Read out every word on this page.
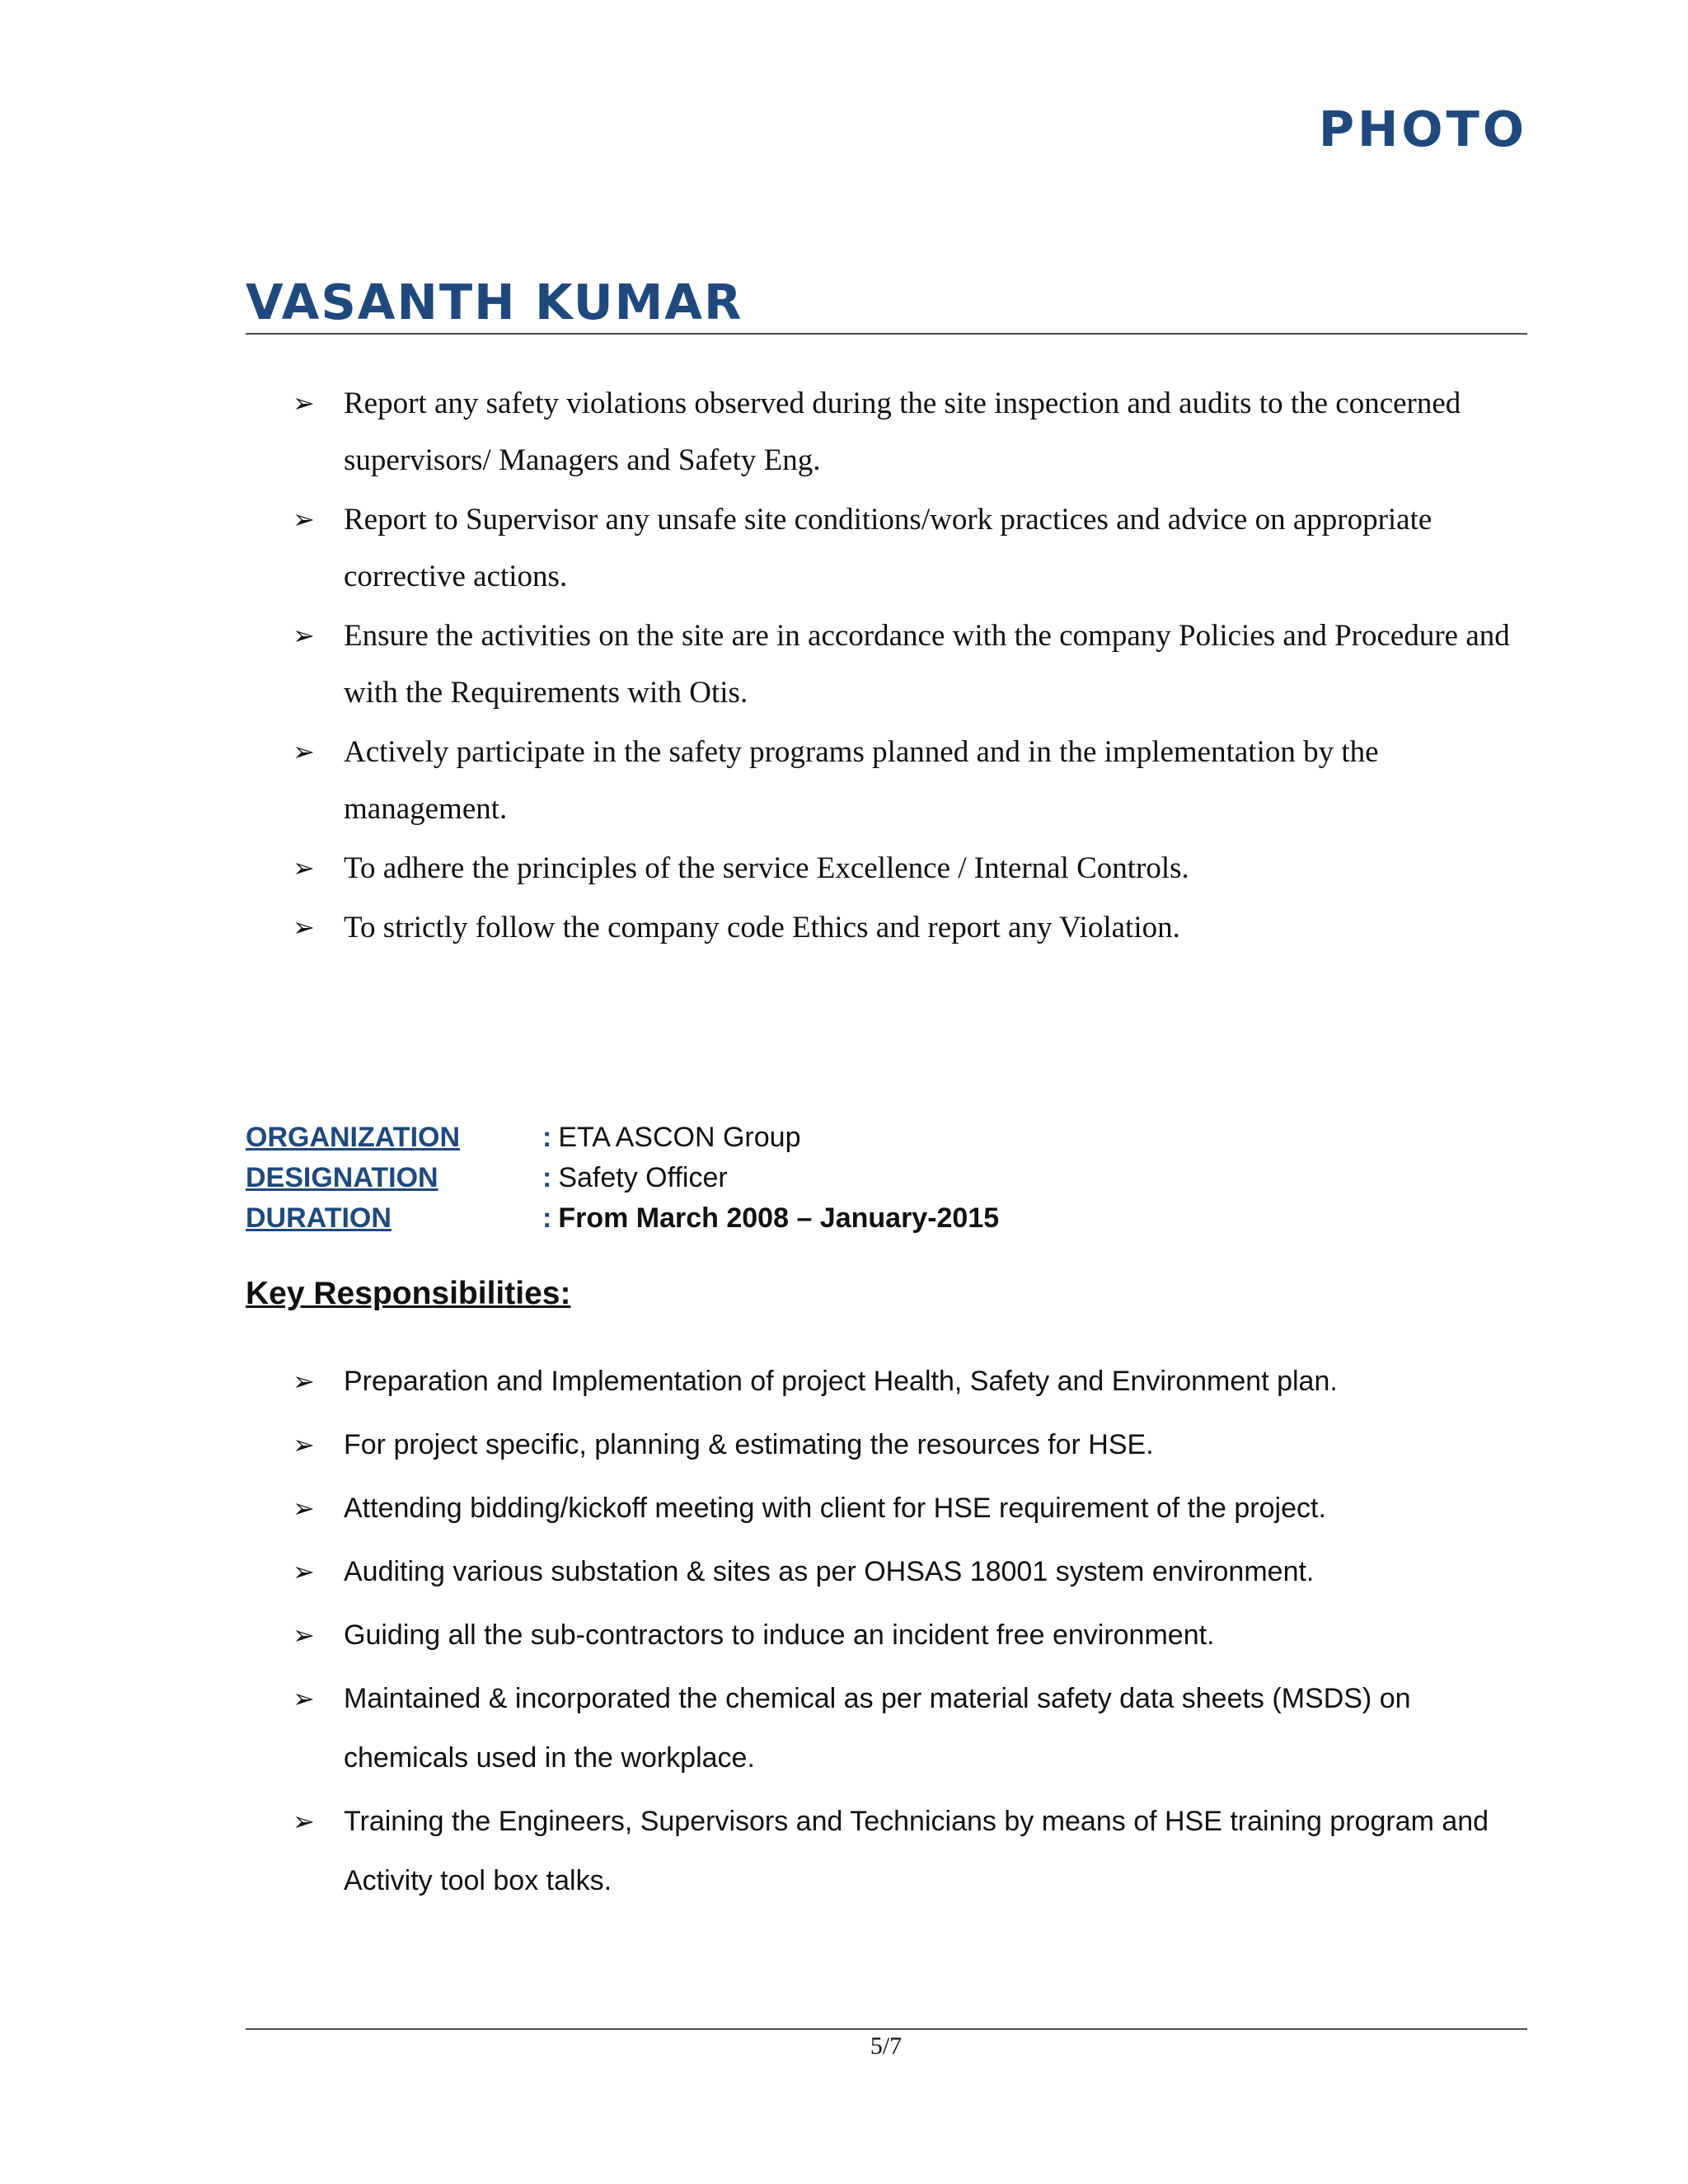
PHOTO
VASANTH KUMAR
➢ Report any safety violations observed during the site inspection and audits to the concerned supervisors/ Managers and Safety Eng.
➢ Report to Supervisor any unsafe site conditions/work practices and advice on appropriate corrective actions.
➢ Ensure the activities on the site are in accordance with the company Policies and Procedure and with the Requirements with Otis.
➢ Actively participate in the safety programs planned and in the implementation by the management.
➢ To adhere the principles of the service Excellence / Internal Controls.
➢ To strictly follow the company code Ethics and report any Violation.
ORGANIZATION	: ETA ASCON Group
DESIGNATION	: Safety Officer
DURATION	: From March 2008 – January-2015
Key Responsibilities:
➢ Preparation and Implementation of project Health, Safety and Environment plan.
➢ For project specific, planning & estimating the resources for HSE.
➢ Attending bidding/kickoff meeting with client for HSE requirement of the project.
➢ Auditing various substation & sites as per OHSAS 18001 system environment.
➢ Guiding all the sub-contractors to induce an incident free environment.
➢ Maintained & incorporated the chemical as per material safety data sheets (MSDS) on chemicals used in the workplace.
➢ Training the Engineers, Supervisors and Technicians by means of HSE training program and Activity tool box talks.
5/7
